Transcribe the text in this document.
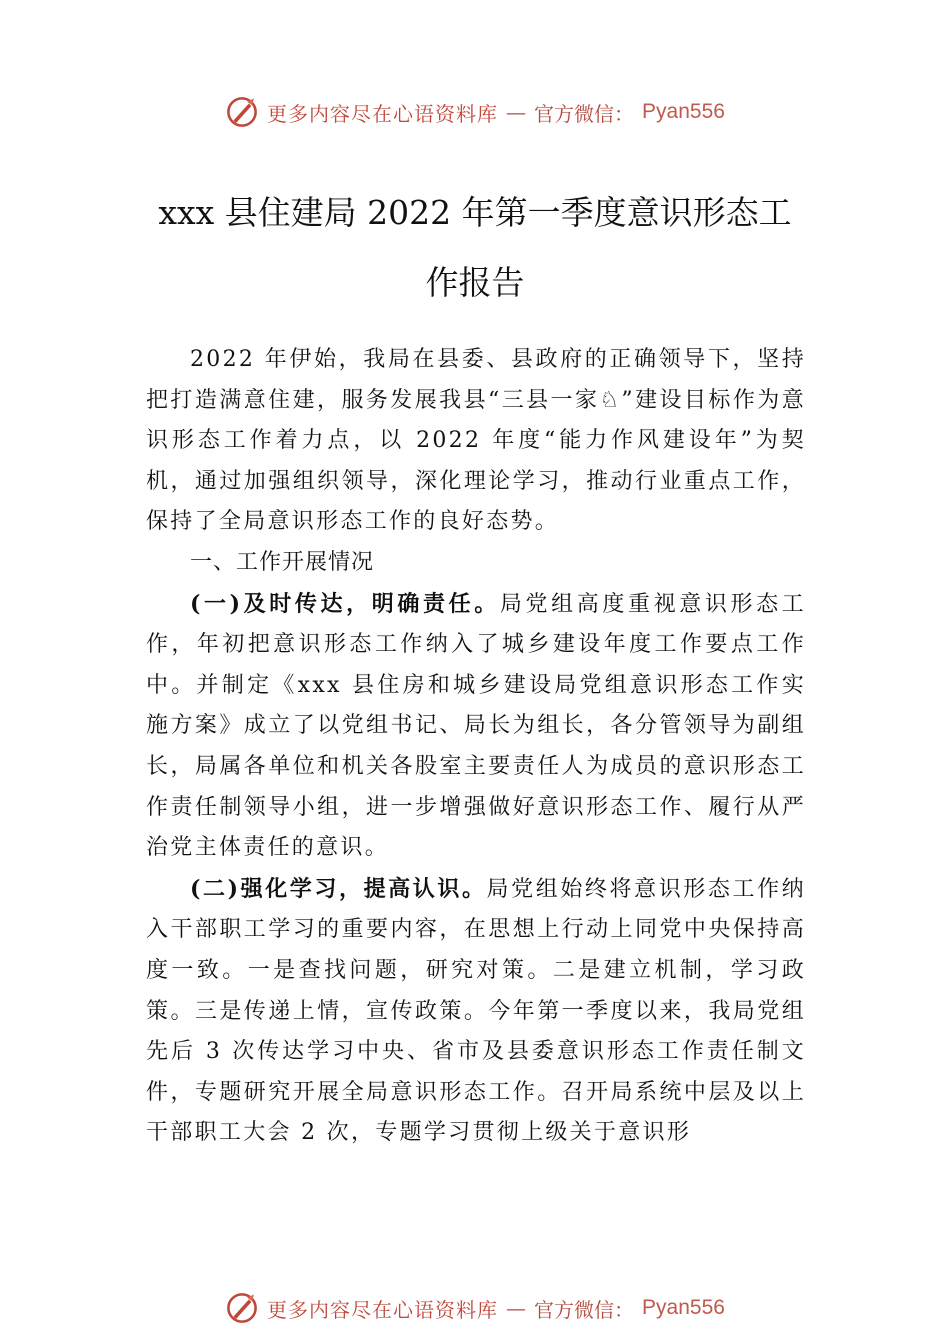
更多内容尽在心语资料库 — 官方微信： Pyan556
xxx 县住建局 2022 年第一季度意识形态工
作报告

2022 年伊始，我局在县委、县政府的正确领导下，坚持把打造满意住建，服务发展我县“三县一家♘”建设目标作为意识形态工作着力点，以 2022 年度“能力作风建设年”为契机，通过加强组织领导，深化理论学习，推动行业重点工作，保持了全局意识形态工作的良好态势。

一、工作开展情况

(一)及时传达，明确责任。局党组高度重视意识形态工作，年初把意识形态工作纳入了城乡建设年度工作要点工作中。并制定《xxx 县住房和城乡建设局党组意识形态工作实施方案》成立了以党组书记、局长为组长，各分管领导为副组长，局属各单位和机关各股室主要责任人为成员的意识形态工作责任制领导小组，进一步增强做好意识形态工作、履行从严治党主体责任的意识。

(二)强化学习，提高认识。局党组始终将意识形态工作纳入干部职工学习的重要内容，在思想上行动上同党中央保持高度一致。一是查找问题，研究对策。二是建立机制，学习政策。三是传递上情，宣传政策。今年第一季度以来，我局党组先后 3 次传达学习中央、省市及县委意识形态工作责任制文件，专题研究开展全局意识形态工作。召开局系统中层及以上干部职工大会 2 次，专题学习贯彻上级关于意识形

更多内容尽在心语资料库 — 官方微信： Pyan556
